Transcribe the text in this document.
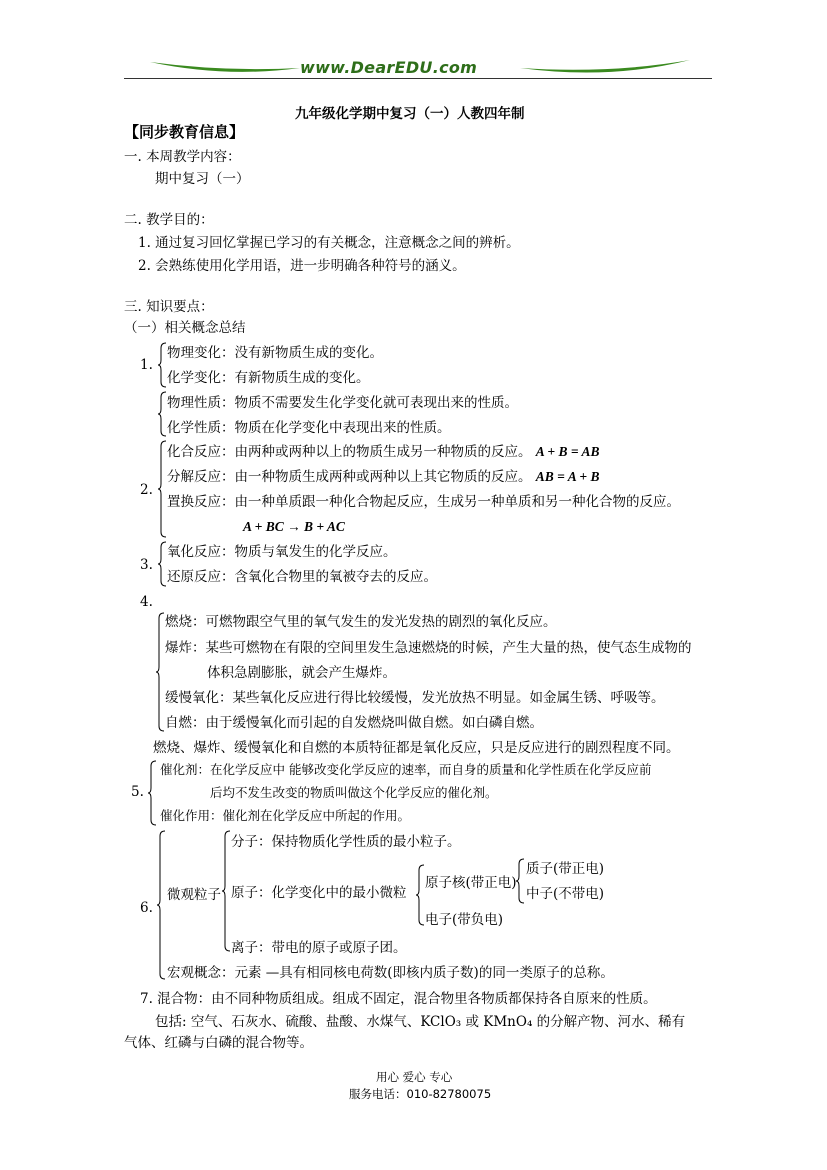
www.DearEDU.com
九年级化学期中复习（一）人教四年制
【同步教育信息】
一. 本周教学内容：
期中复习（一）
二. 教学目的：
1. 通过复习回忆掌握已学习的有关概念，注意概念之间的辨析。
2. 会熟练使用化学用语，进一步明确各种符号的涵义。
三. 知识要点：
（一）相关概念总结
1.
物理变化：没有新物质生成的变化。
化学变化：有新物质生成的变化。
物理性质：物质不需要发生化学变化就可表现出来的性质。
化学性质：物质在化学变化中表现出来的性质。
2.
化合反应：由两种或两种以上的物质生成另一种物质的反应。 A + B = AB
分解反应：由一种物质生成两种或两种以上其它物质的反应。 AB = A + B
置换反应：由一种单质跟一种化合物起反应，生成另一种单质和另一种化合物的反应。
A + BC → B + AC
3.
氧化反应：物质与氧发生的化学反应。
还原反应：含氧化合物里的氧被夺去的反应。
4.
燃烧：可燃物跟空气里的氧气发生的发光发热的剧烈的氧化反应。
爆炸：某些可燃物在有限的空间里发生急速燃烧的时候，产生大量的热，使气态生成物的
体积急剧膨胀，就会产生爆炸。
缓慢氧化：某些氧化反应进行得比较缓慢，发光放热不明显。如金属生锈、呼吸等。
自燃：由于缓慢氧化而引起的自发燃烧叫做自燃。如白磷自燃。
燃烧、爆炸、缓慢氧化和自燃的本质特征都是氧化反应，只是反应进行的剧烈程度不同。
5.
催化剂：在化学反应中 能够改变化学反应的速率，而自身的质量和化学性质在化学反应前
后均不发生改变的物质叫做这个化学反应的催化剂。
催化作用：催化剂在化学反应中所起的作用。
6.
微观粒子
分子：保持物质化学性质的最小粒子。
原子：化学变化中的最小微粒
原子核(带正电)
质子(带正电)
中子(不带电)
电子(带负电)
离子：带电的原子或原子团。
宏观概念：元素 —具有相同核电荷数(即核内质子数)的同一类原子的总称。
7. 混合物：由不同种物质组成。组成不固定，混合物里各物质都保持各自原来的性质。
包括: 空气、石灰水、硫酸、盐酸、水煤气、KClO₃ 或 KMnO₄ 的分解产物、河水、稀有
气体、红磷与白磷的混合物等。
用心 爱心 专心
服务电话：010-82780075
